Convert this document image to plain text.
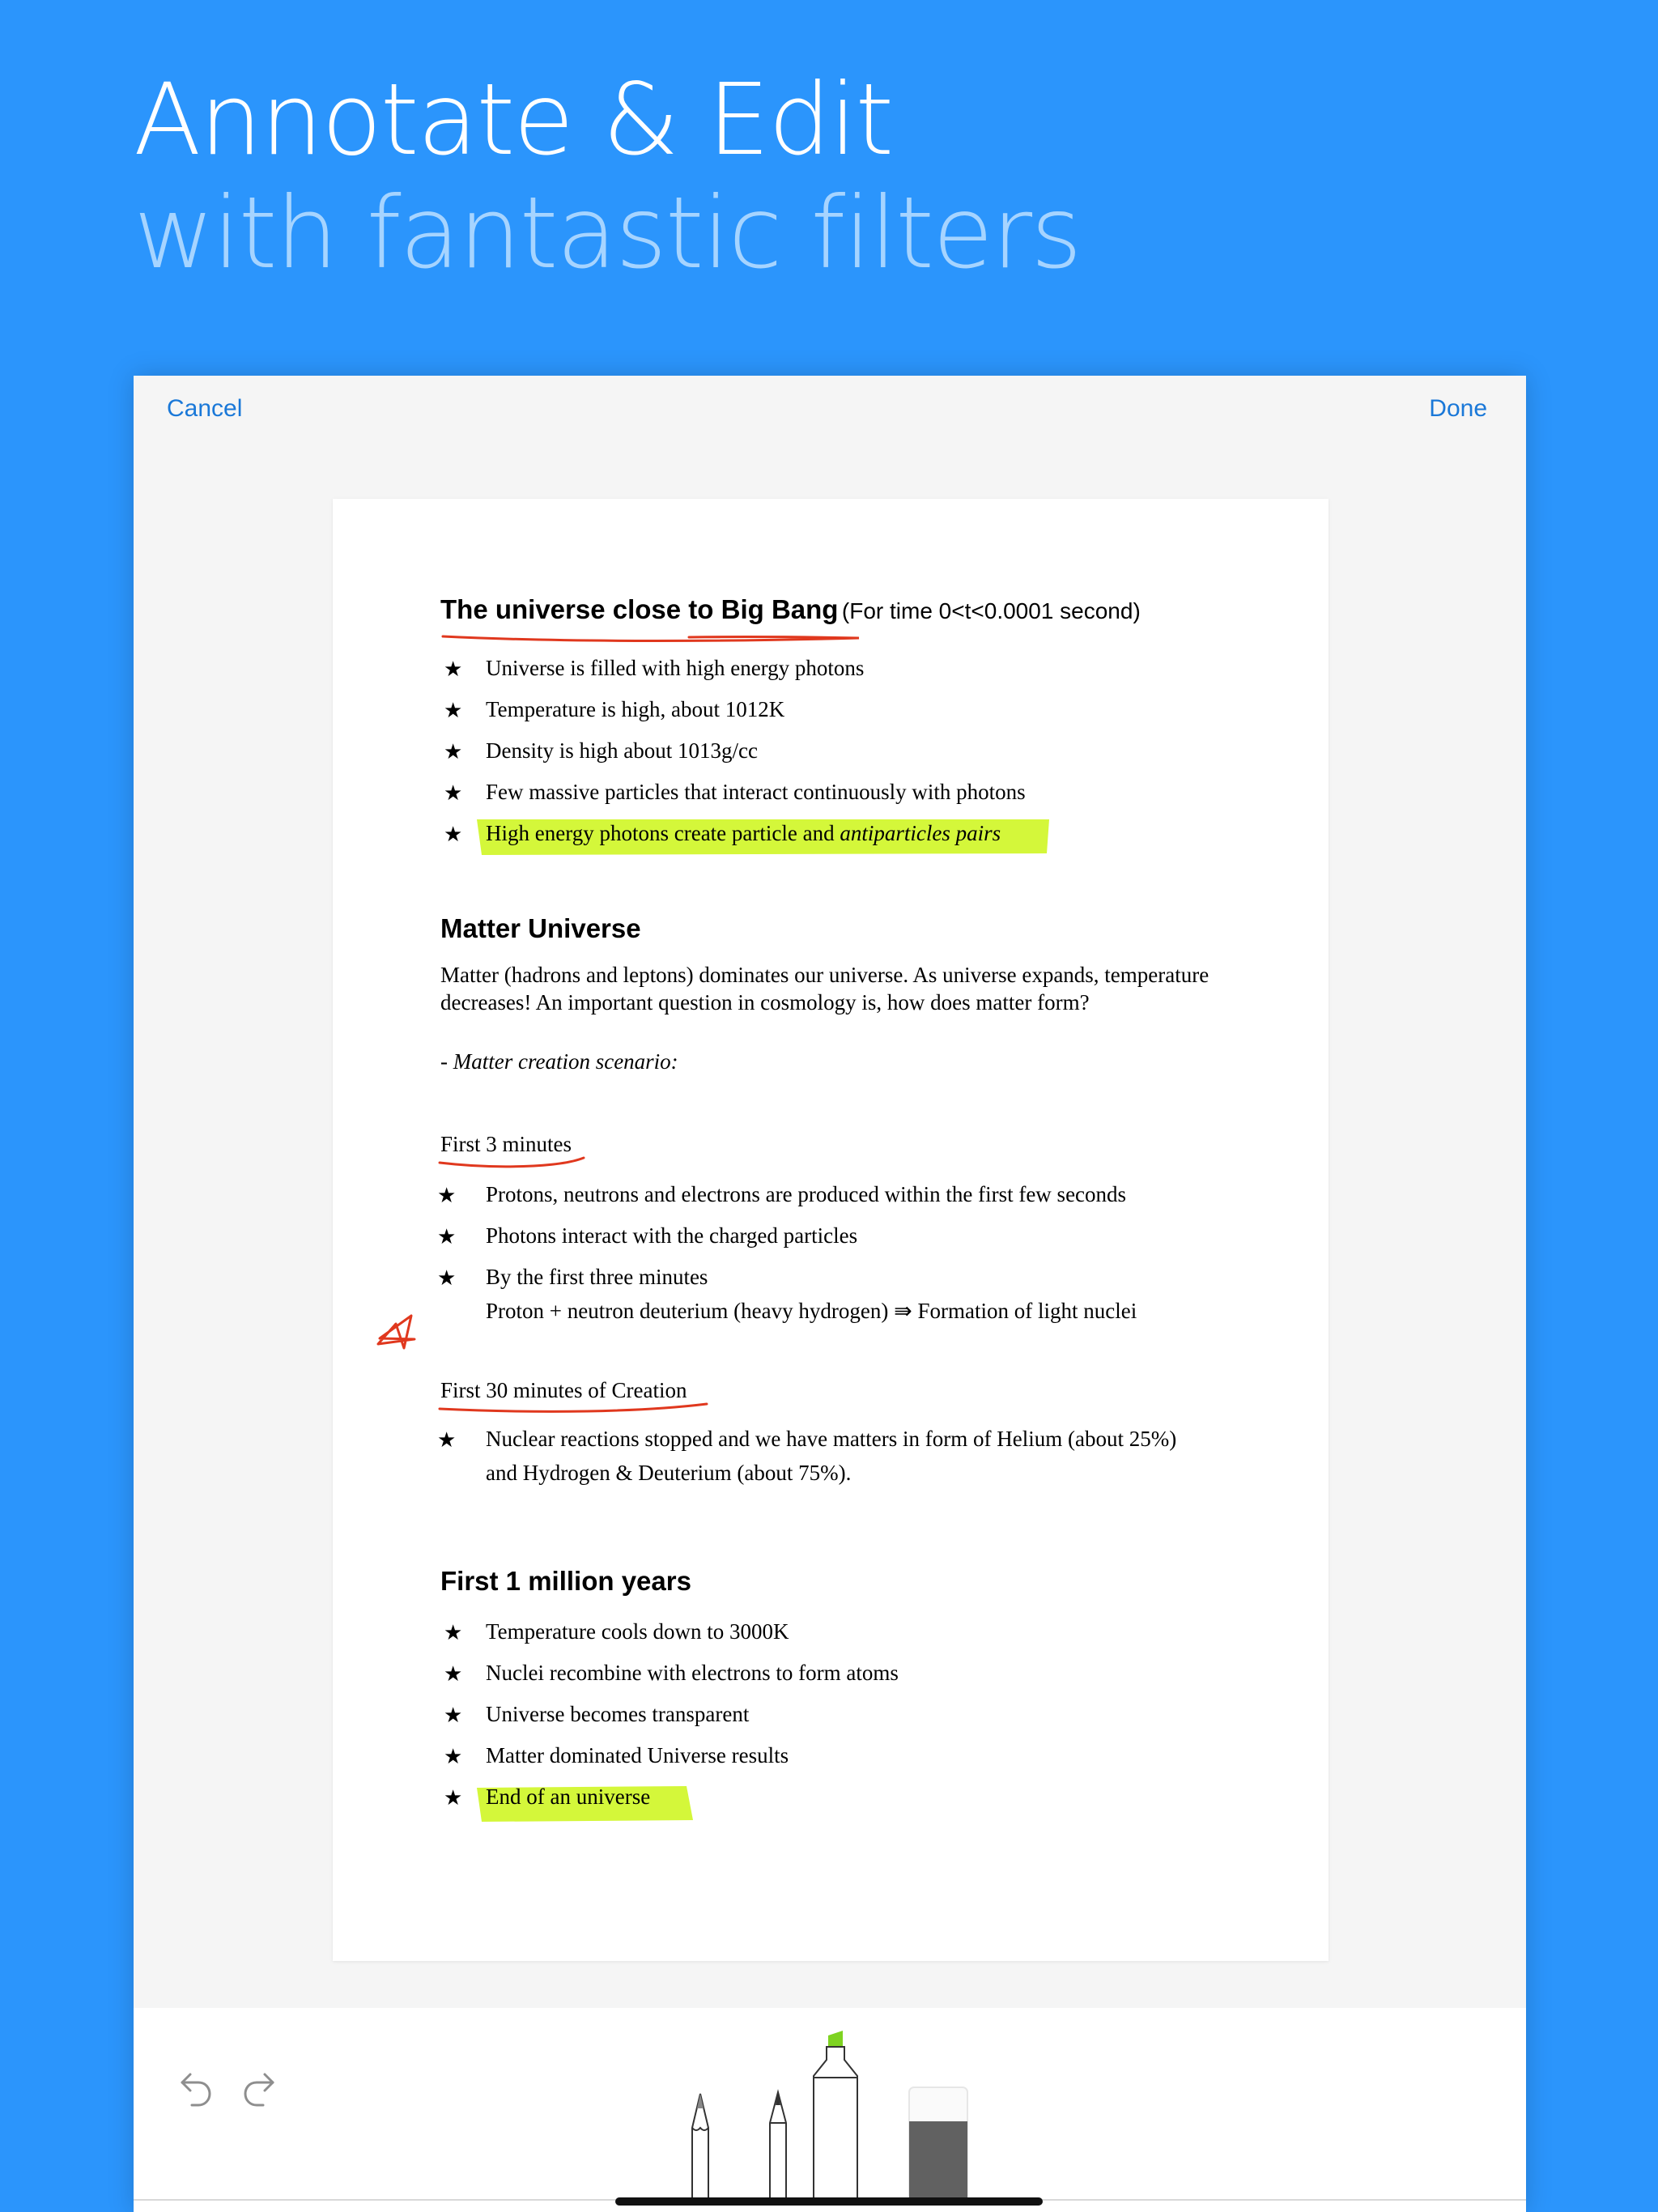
Annotate & Edit
with fantastic filters
Cancel	Done
The universe close to Big Bang (For time 0<t<0.0001 second)
★ Universe is filled with high energy photons
★ Temperature is high, about 1012K
★ Density is high about 1013g/cc
★ Few massive particles that interact continuously with photons
★ High energy photons create particle and antiparticles pairs
Matter Universe
Matter (hadrons and leptons) dominates our universe. As universe expands, temperature
decreases! An important question in cosmology is, how does matter form?
- Matter creation scenario:
First 3 minutes
★ Protons, neutrons and electrons are produced within the first few seconds
★ Photons interact with the charged particles
★ By the first three minutes
Proton + neutron deuterium (heavy hydrogen) ⇛ Formation of light nuclei
First 30 minutes of Creation
★ Nuclear reactions stopped and we have matters in form of Helium (about 25%)
and Hydrogen & Deuterium (about 75%).
First 1 million years
★ Temperature cools down to 3000K
★ Nuclei recombine with electrons to form atoms
★ Universe becomes transparent
★ Matter dominated Universe results
★ End of an universe
